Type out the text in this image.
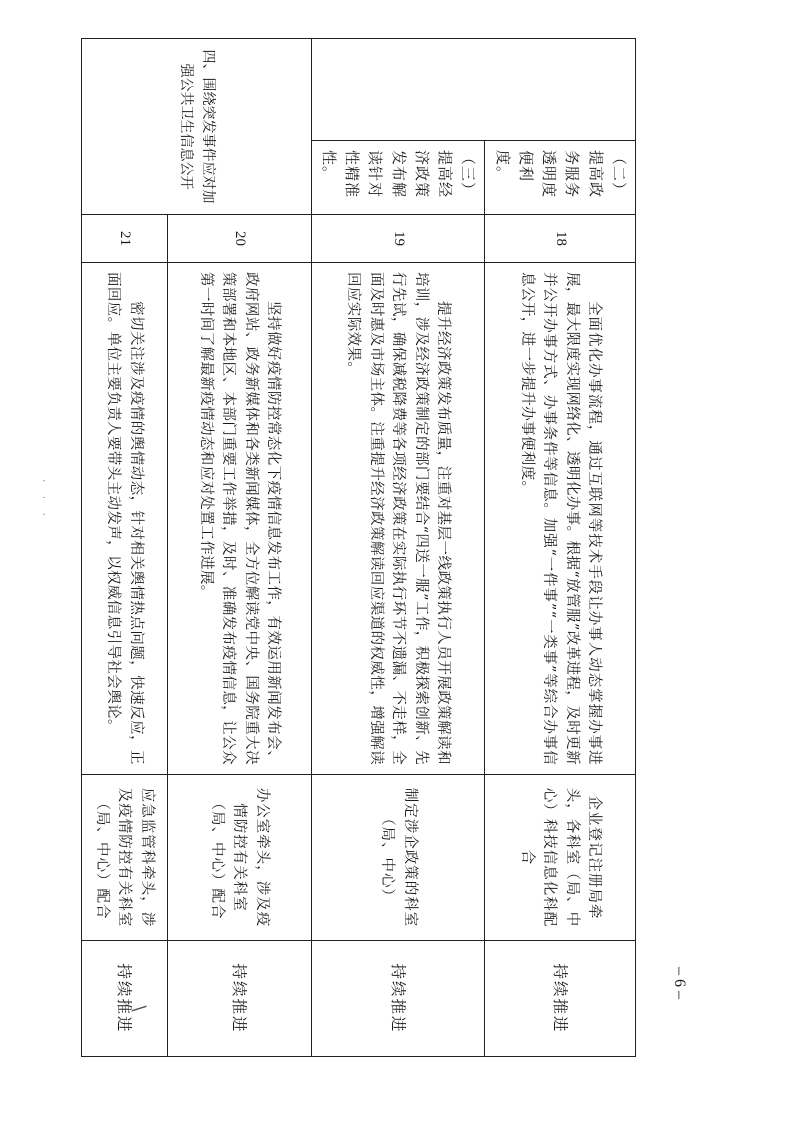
	（二）提高政务服务透明度便利度。	18	全面优化办事流程，通过互联网等技术手段让办事人动态掌握办事进展，最大限度实现网络化、透明化办事。根据“放管服”改革进程，及时更新并公开办事方式、办事条件等信息。加强“一件事”“一类事”等综合办事信息公开，进一步提升办事便利度。	企业登记注册局牵头，各科室（局、中心）科技信息化科配合	持续推进
	（三）提高经济政策发布解读针对性精准性。	19	提升经济政策发布质量，注重对基层一线政策执行人员开展政策解读和培训，涉及经济政策制定的部门要结合“四送一服”工作，积极探索创新、先行先试，确保减税降费等各项经济政策在实际执行环节不遗漏、不走样，全面及时惠及市场主体。注重提升经济政策解读回应渠道的权威性，增强解读回应实际效果。	制定涉企政策的科室（局、中心）	持续推进
四、围绕突发事件应对加强公共卫生信息公开		20	坚持做好疫情防控常态化下疫情信息发布工作，有效运用新闻发布会、政府网站、政务新媒体和各类新闻媒体，全方位解读党中央、国务院重大决策部署和本地区、本部门重要工作举措，及时、准确发布疫情信息，让公众第一时间了解最新疫情动态和应对处置工作进展。	办公室牵头，涉及疫情防控有关科室（局、中心）配合	持续推进
		21	密切关注涉及疫情的舆情动态，针对相关舆情热点问题，快速反应，正面回应。单位主要负责人要带头主动发声，以权威信息引导社会舆论。	应急监管科牵头，涉及疫情防控有关科室（局、中心）配合	持续推进
\
· · ·
– 6 –
